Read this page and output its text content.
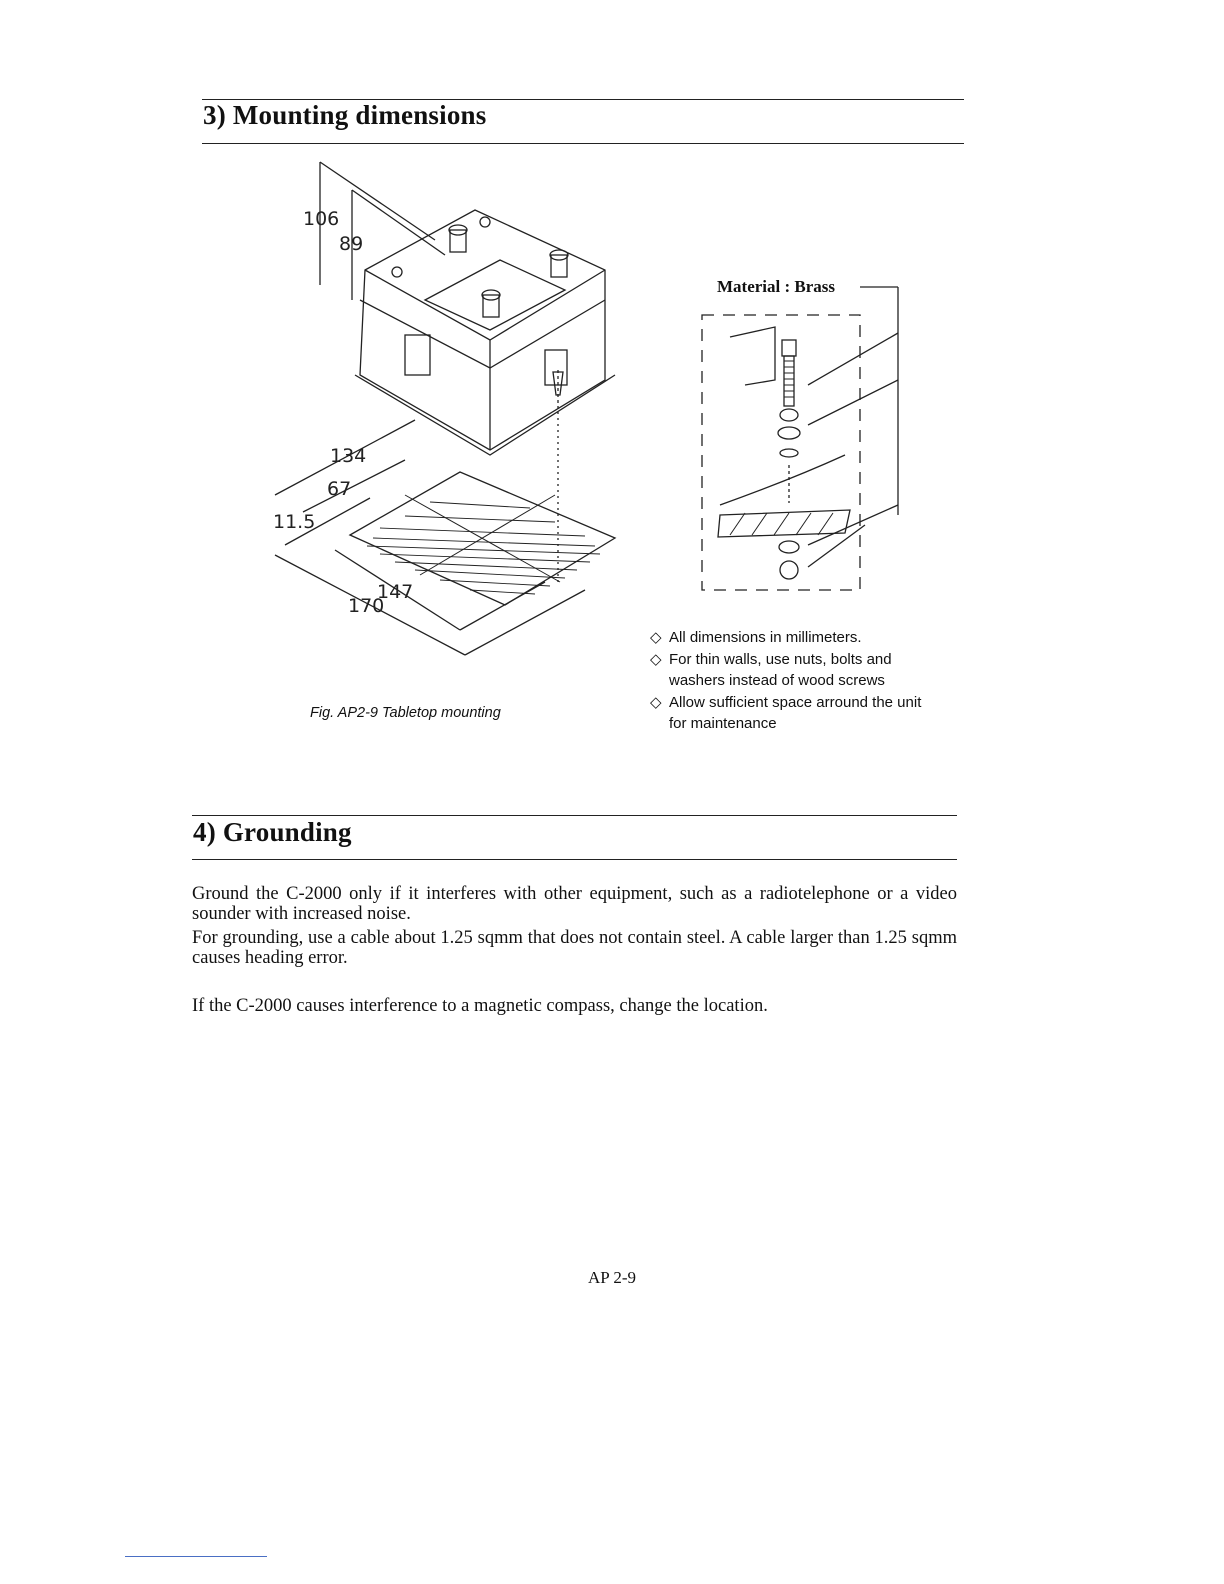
3) Mounting dimensions
106
89
134
67
11.5
147
170
Fig. AP2-9 Tabletop mounting
Material : Brass
◇ All dimensions in millimeters.
◇ For thin walls, use nuts, bolts and washers instead of wood screws
◇ Allow sufficient space arround the unit for maintenance
4) Grounding

Ground the C-2000 only if it interferes with other equipment, such as a radiotelephone or a video sounder with increased noise.

For grounding, use a cable about 1.25 sqmm that does not contain steel. A cable larger than 1.25 sqmm causes heading error.

If the C-2000 causes interference to a magnetic compass, change the location.

AP 2-9
